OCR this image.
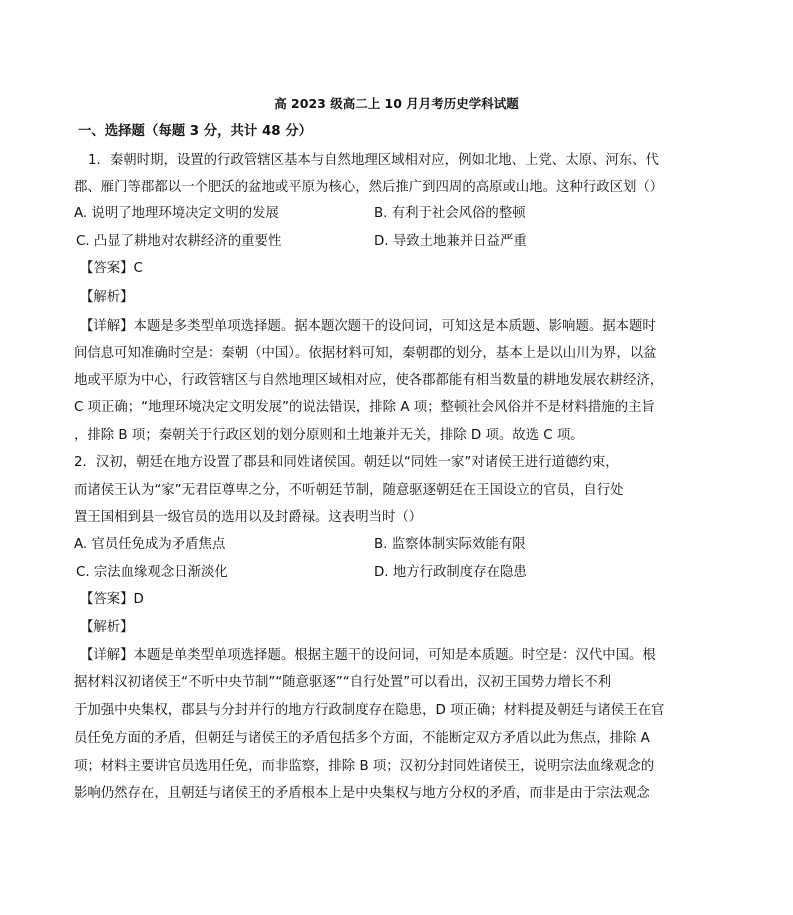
高 2023 级高二上 10 月月考历史学科试题
一、选择题（每题 3 分，共计 48 分）
1．秦朝时期，设置的行政管辖区基本与自然地理区域相对应，例如北地、上党、太原、河东、代
郡、雁门等郡都以一个肥沃的盆地或平原为核心，然后推广到四周的高原或山地。这种行政区划（）
A. 说明了地理环境决定文明的发展	B. 有利于社会风俗的整顿
C. 凸显了耕地对农耕经济的重要性	D. 导致土地兼并日益严重
【答案】C
【解析】
【详解】本题是多类型单项选择题。据本题次题干的设问词，可知这是本质题、影响题。据本题时
间信息可知准确时空是：秦朝（中国）。依据材料可知，秦朝郡的划分，基本上是以山川为界，以盆
地或平原为中心，行政管辖区与自然地理区域相对应，使各郡都能有相当数量的耕地发展农耕经济，
C 项正确；“地理环境决定文明发展”的说法错误，排除 A 项；整顿社会风俗并不是材料措施的主旨
，排除 B 项；秦朝关于行政区划的划分原则和土地兼并无关，排除 D 项。故选 C 项。
2．汉初，朝廷在地方设置了郡县和同姓诸侯国。朝廷以“同姓一家”对诸侯王进行道德约束，
而诸侯王认为“家”无君臣尊卑之分，不听朝廷节制，随意驱逐朝廷在王国设立的官员，自行处
置王国相到县一级官员的选用以及封爵禄。这表明当时（）
A. 官员任免成为矛盾焦点	B. 监察体制实际效能有限
C. 宗法血缘观念日渐淡化	D. 地方行政制度存在隐患
【答案】D
【解析】
【详解】本题是单类型单项选择题。根据主题干的设问词，可知是本质题。时空是：汉代中国。根
据材料汉初诸侯王“不听中央节制”“随意驱逐”“自行处置”可以看出，汉初王国势力增长不利
于加强中央集权，郡县与分封并行的地方行政制度存在隐患，D 项正确；材料提及朝廷与诸侯王在官
员任免方面的矛盾，但朝廷与诸侯王的矛盾包括多个方面，不能断定双方矛盾以此为焦点，排除 A
项；材料主要讲官员选用任免，而非监察，排除 B 项；汉初分封同姓诸侯王，说明宗法血缘观念的
影响仍然存在，且朝廷与诸侯王的矛盾根本上是中央集权与地方分权的矛盾，而非是由于宗法观念
